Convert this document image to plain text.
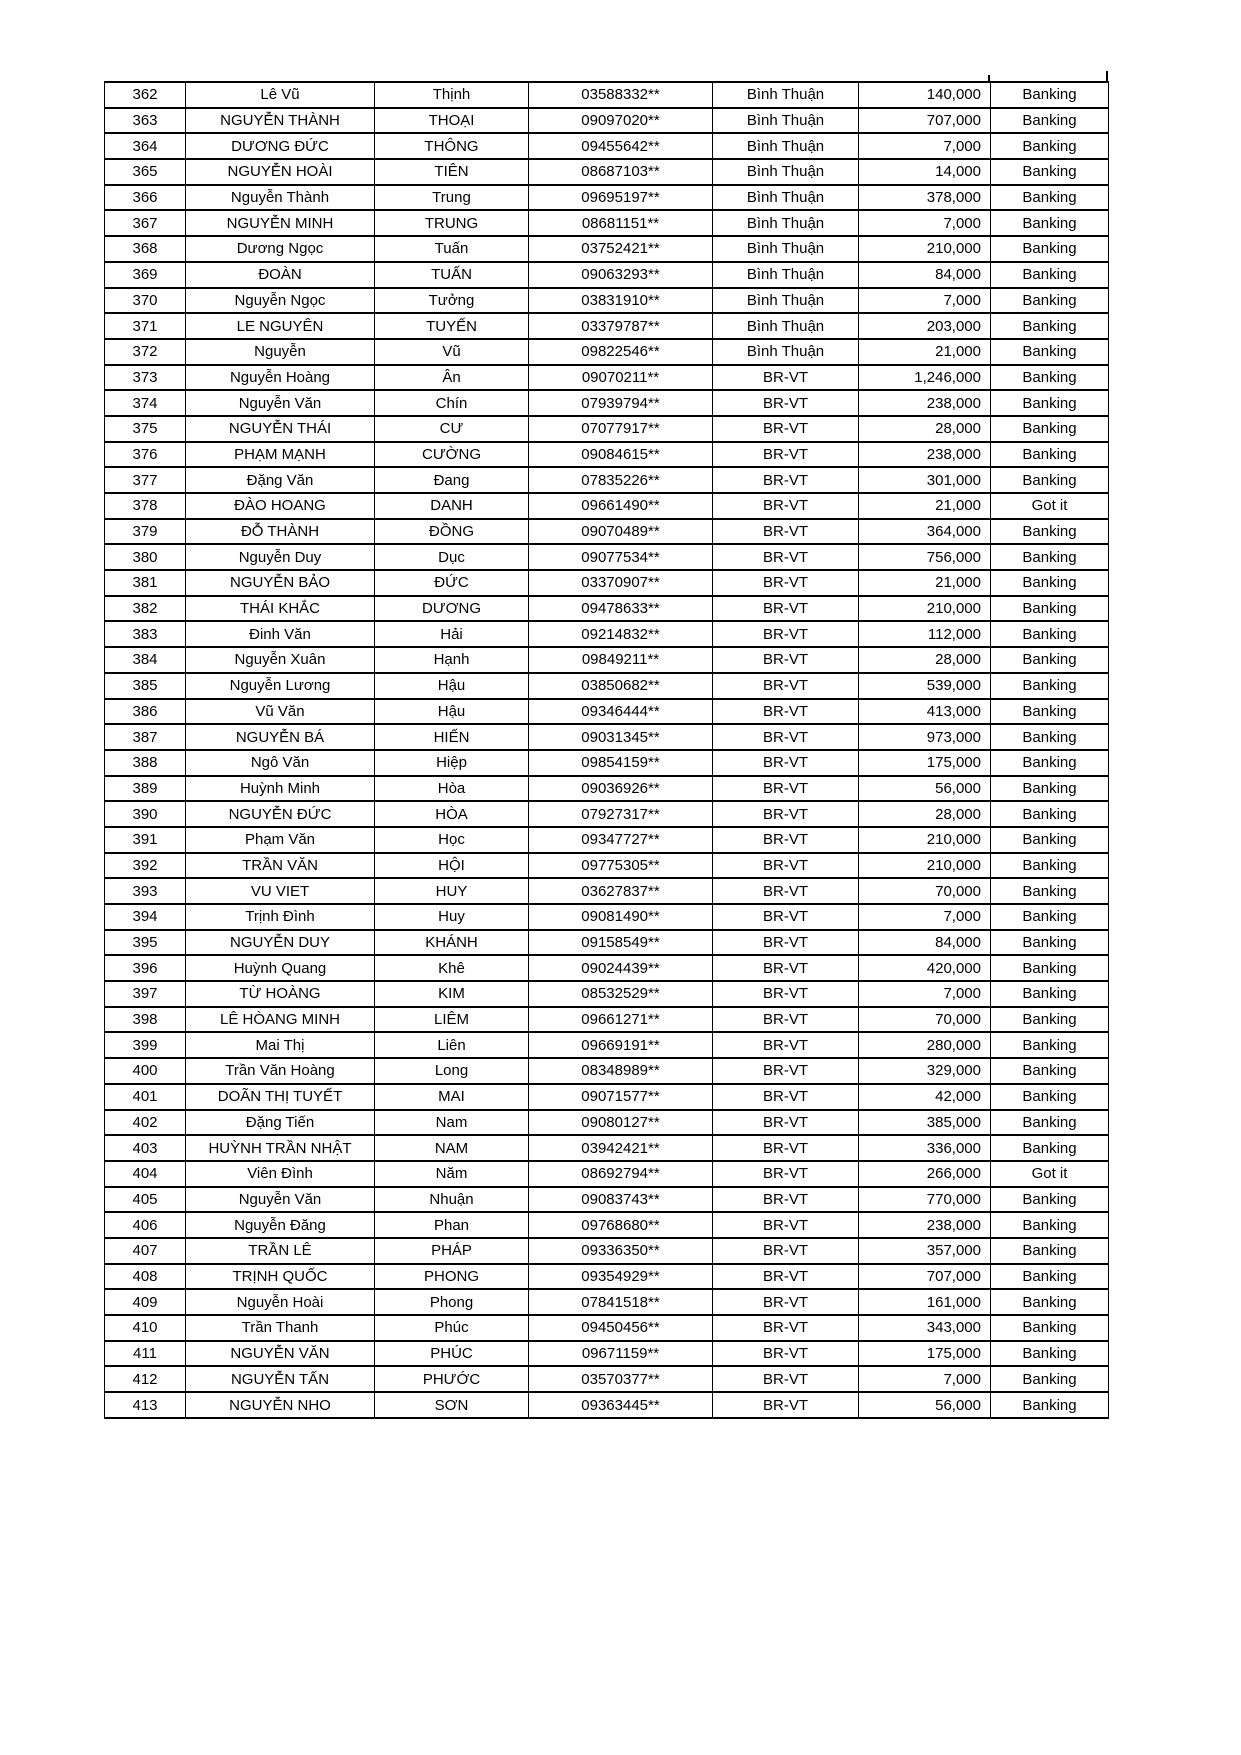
362	Lê Vũ	Thịnh	03588332**	Bình Thuận	140,000	Banking
363	NGUYỄN THÀNH	THOẠI	09097020**	Bình Thuận	707,000	Banking
364	DƯƠNG ĐỨC	THÔNG	09455642**	Bình Thuận	7,000	Banking
365	NGUYỄN HOÀI	TIÊN	08687103**	Bình Thuận	14,000	Banking
366	Nguyễn Thành	Trung	09695197**	Bình Thuận	378,000	Banking
367	NGUYỄN MINH	TRUNG	08681151**	Bình Thuận	7,000	Banking
368	Dương Ngọc	Tuấn	03752421**	Bình Thuận	210,000	Banking
369	ĐOÀN	TUẤN	09063293**	Bình Thuận	84,000	Banking
370	Nguyễn Ngọc	Tưởng	03831910**	Bình Thuận	7,000	Banking
371	LE NGUYÊN	TUYẾN	03379787**	Bình Thuận	203,000	Banking
372	Nguyễn	Vũ	09822546**	Bình Thuận	21,000	Banking
373	Nguyễn Hoàng	Ân	09070211**	BR-VT	1,246,000	Banking
374	Nguyễn Văn	Chín	07939794**	BR-VT	238,000	Banking
375	NGUYỄN THÁI	CƯ	07077917**	BR-VT	28,000	Banking
376	PHẠM MẠNH	CƯỜNG	09084615**	BR-VT	238,000	Banking
377	Đặng Văn	Đang	07835226**	BR-VT	301,000	Banking
378	ĐÀO HOANG	DANH	09661490**	BR-VT	21,000	Got it
379	ĐỖ THÀNH	ĐỒNG	09070489**	BR-VT	364,000	Banking
380	Nguyễn Duy	Dục	09077534**	BR-VT	756,000	Banking
381	NGUYỄN BẢO	ĐỨC	03370907**	BR-VT	21,000	Banking
382	THÁI KHẮC	DƯƠNG	09478633**	BR-VT	210,000	Banking
383	Đinh Văn	Hải	09214832**	BR-VT	112,000	Banking
384	Nguyễn Xuân	Hạnh	09849211**	BR-VT	28,000	Banking
385	Nguyễn Lương	Hậu	03850682**	BR-VT	539,000	Banking
386	Vũ Văn	Hậu	09346444**	BR-VT	413,000	Banking
387	NGUYỄN BÁ	HIẾN	09031345**	BR-VT	973,000	Banking
388	Ngô Văn	Hiệp	09854159**	BR-VT	175,000	Banking
389	Huỳnh Minh	Hòa	09036926**	BR-VT	56,000	Banking
390	NGUYỄN ĐỨC	HÒA	07927317**	BR-VT	28,000	Banking
391	Phạm Văn	Học	09347727**	BR-VT	210,000	Banking
392	TRẦN VĂN	HỘI	09775305**	BR-VT	210,000	Banking
393	VU VIET	HUY	03627837**	BR-VT	70,000	Banking
394	Trịnh Đình	Huy	09081490**	BR-VT	7,000	Banking
395	NGUYỄN DUY	KHÁNH	09158549**	BR-VT	84,000	Banking
396	Huỳnh Quang	Khê	09024439**	BR-VT	420,000	Banking
397	TỪ HOÀNG	KIM	08532529**	BR-VT	7,000	Banking
398	LÊ HÒANG MINH	LIÊM	09661271**	BR-VT	70,000	Banking
399	Mai Thị	Liên	09669191**	BR-VT	280,000	Banking
400	Trần Văn Hoàng	Long	08348989**	BR-VT	329,000	Banking
401	DOÃN THỊ TUYẾT	MAI	09071577**	BR-VT	42,000	Banking
402	Đặng Tiến	Nam	09080127**	BR-VT	385,000	Banking
403	HUỲNH TRẦN NHẬT	NAM	03942421**	BR-VT	336,000	Banking
404	Viên Đình	Năm	08692794**	BR-VT	266,000	Got it
405	Nguyễn Văn	Nhuận	09083743**	BR-VT	770,000	Banking
406	Nguyễn Đăng	Phan	09768680**	BR-VT	238,000	Banking
407	TRẦN LÊ	PHÁP	09336350**	BR-VT	357,000	Banking
408	TRỊNH QUỐC	PHONG	09354929**	BR-VT	707,000	Banking
409	Nguyễn Hoài	Phong	07841518**	BR-VT	161,000	Banking
410	Trần Thanh	Phúc	09450456**	BR-VT	343,000	Banking
411	NGUYỄN VĂN	PHÚC	09671159**	BR-VT	175,000	Banking
412	NGUYỄN TẤN	PHƯỚC	03570377**	BR-VT	7,000	Banking
413	NGUYỄN NHO	SƠN	09363445**	BR-VT	56,000	Banking
